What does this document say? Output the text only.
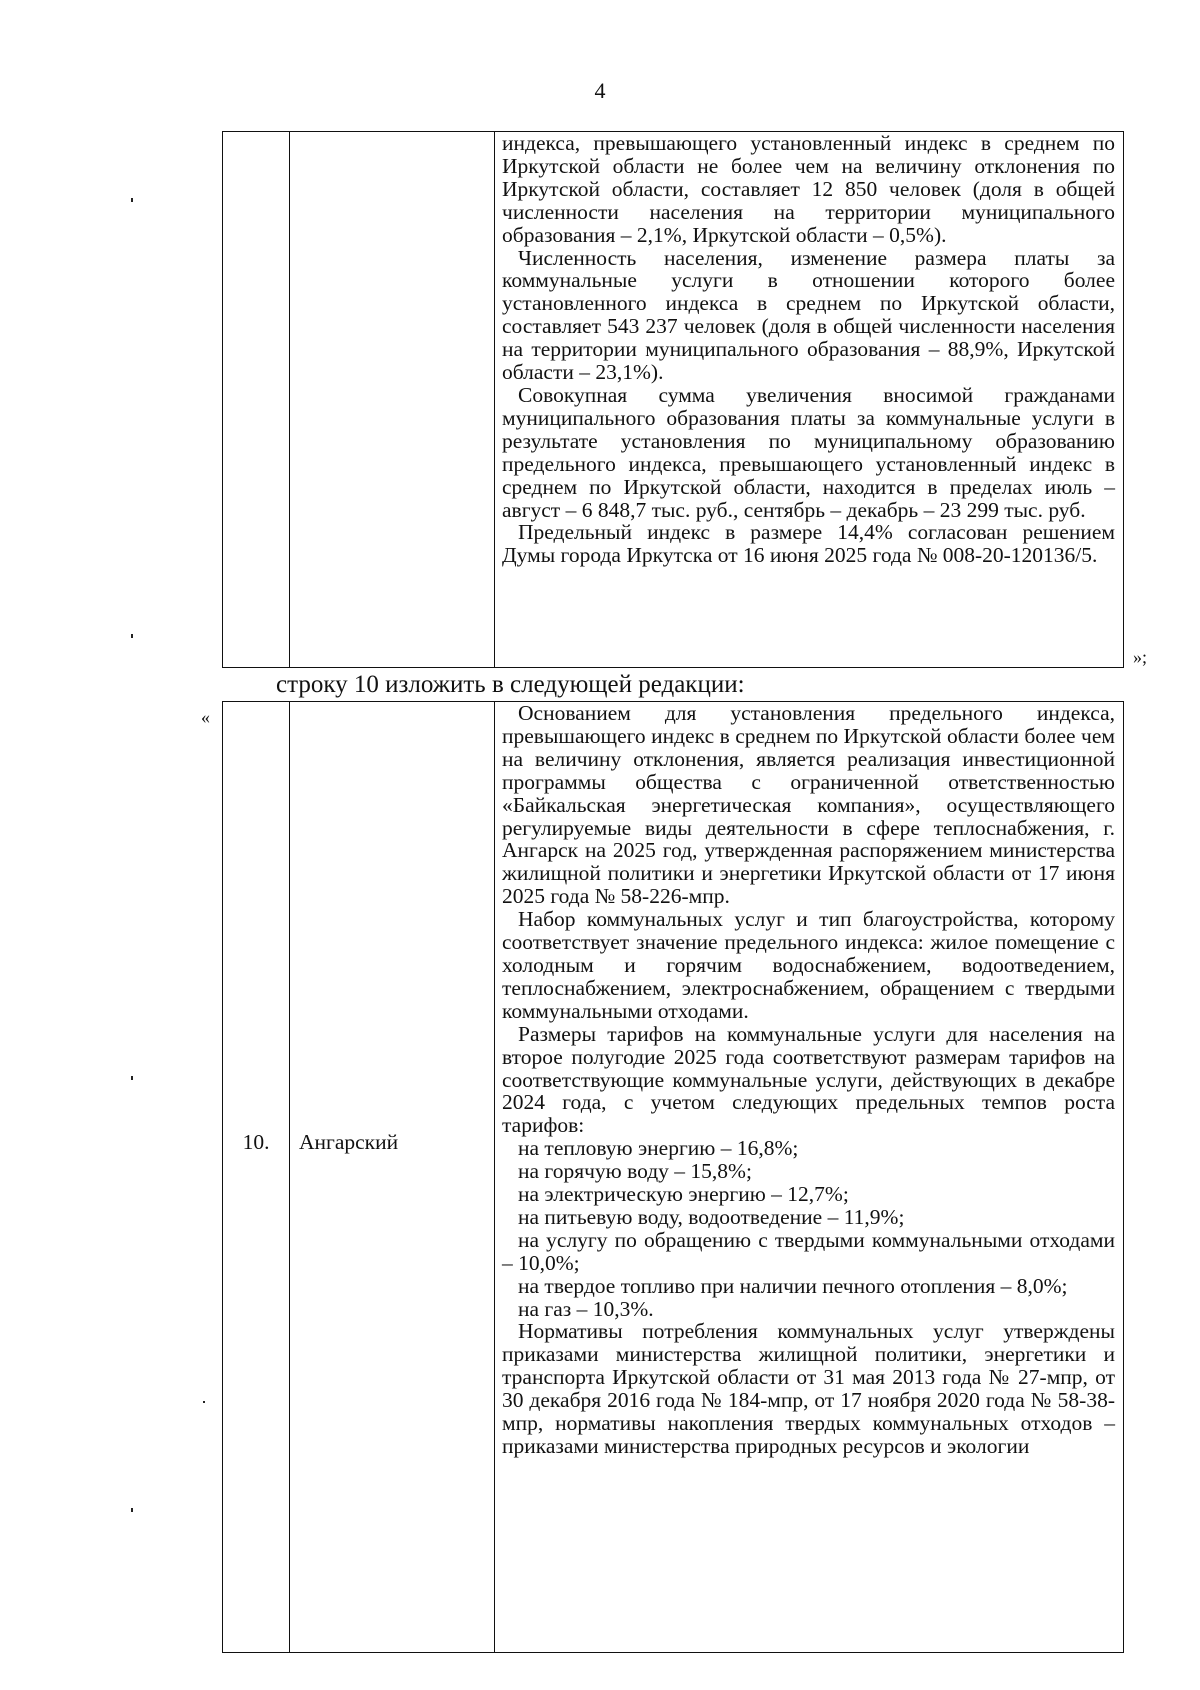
4

индекса, превышающего установленный индекс в среднем по Иркутской области не более чем на величину отклонения по Иркутской области, составляет 12 850 человек (доля в общей численности населения на территории муниципального образования – 2,1%, Иркутской области – 0,5%).

Численность населения, изменение размера платы за коммунальные услуги в отношении которого более установленного индекса в среднем по Иркутской области, составляет 543 237 человек (доля в общей численности населения на территории муниципального образования – 88,9%, Иркутской области – 23,1%).

Совокупная сумма увеличения вносимой гражданами муниципального образования платы за коммунальные услуги в результате установления по муниципальному образованию предельного индекса, превышающего установленный индекс в среднем по Иркутской области, находится в пределах июль – август – 6 848,7 тыс. руб., сентябрь – декабрь – 23 299 тыс. руб.

Предельный индекс в размере 14,4% согласован решением Думы города Иркутска от 16 июня 2025 года № 008-20-120136/5.

»;
строку 10 изложить в следующей редакции:
«
10.	Ангарский

Основанием для установления предельного индекса, превышающего индекс в среднем по Иркутской области более чем на величину отклонения, является реализация инвестиционной программы общества с ограниченной ответственностью «Байкальская энергетическая компания», осуществляющего регулируемые виды деятельности в сфере теплоснабжения, г. Ангарск на 2025 год, утвержденная распоряжением министерства жилищной политики и энергетики Иркутской области от 17 июня 2025 года № 58-226-мпр.

Набор коммунальных услуг и тип благоустройства, которому соответствует значение предельного индекса: жилое помещение с холодным и горячим водоснабжением, водоотведением, теплоснабжением, электроснабжением, обращением с твердыми коммунальными отходами.

Размеры тарифов на коммунальные услуги для населения на второе полугодие 2025 года соответствуют размерам тарифов на соответствующие коммунальные услуги, действующих в декабре 2024 года, с учетом следующих предельных темпов роста тарифов:

на тепловую энергию – 16,8%;

на горячую воду – 15,8%;

на электрическую энергию – 12,7%;

на питьевую воду, водоотведение – 11,9%;

на услугу по обращению с твердыми коммунальными отходами – 10,0%;

на твердое топливо при наличии печного отопления – 8,0%;

на газ – 10,3%.

Нормативы потребления коммунальных услуг утверждены приказами министерства жилищной политики, энергетики и транспорта Иркутской области от 31 мая 2013 года № 27-мпр, от 30 декабря 2016 года № 184-мпр, от 17 ноября 2020 года № 58-38-мпр, нормативы накопления твердых коммунальных отходов – приказами министерства природных ресурсов и экологии
